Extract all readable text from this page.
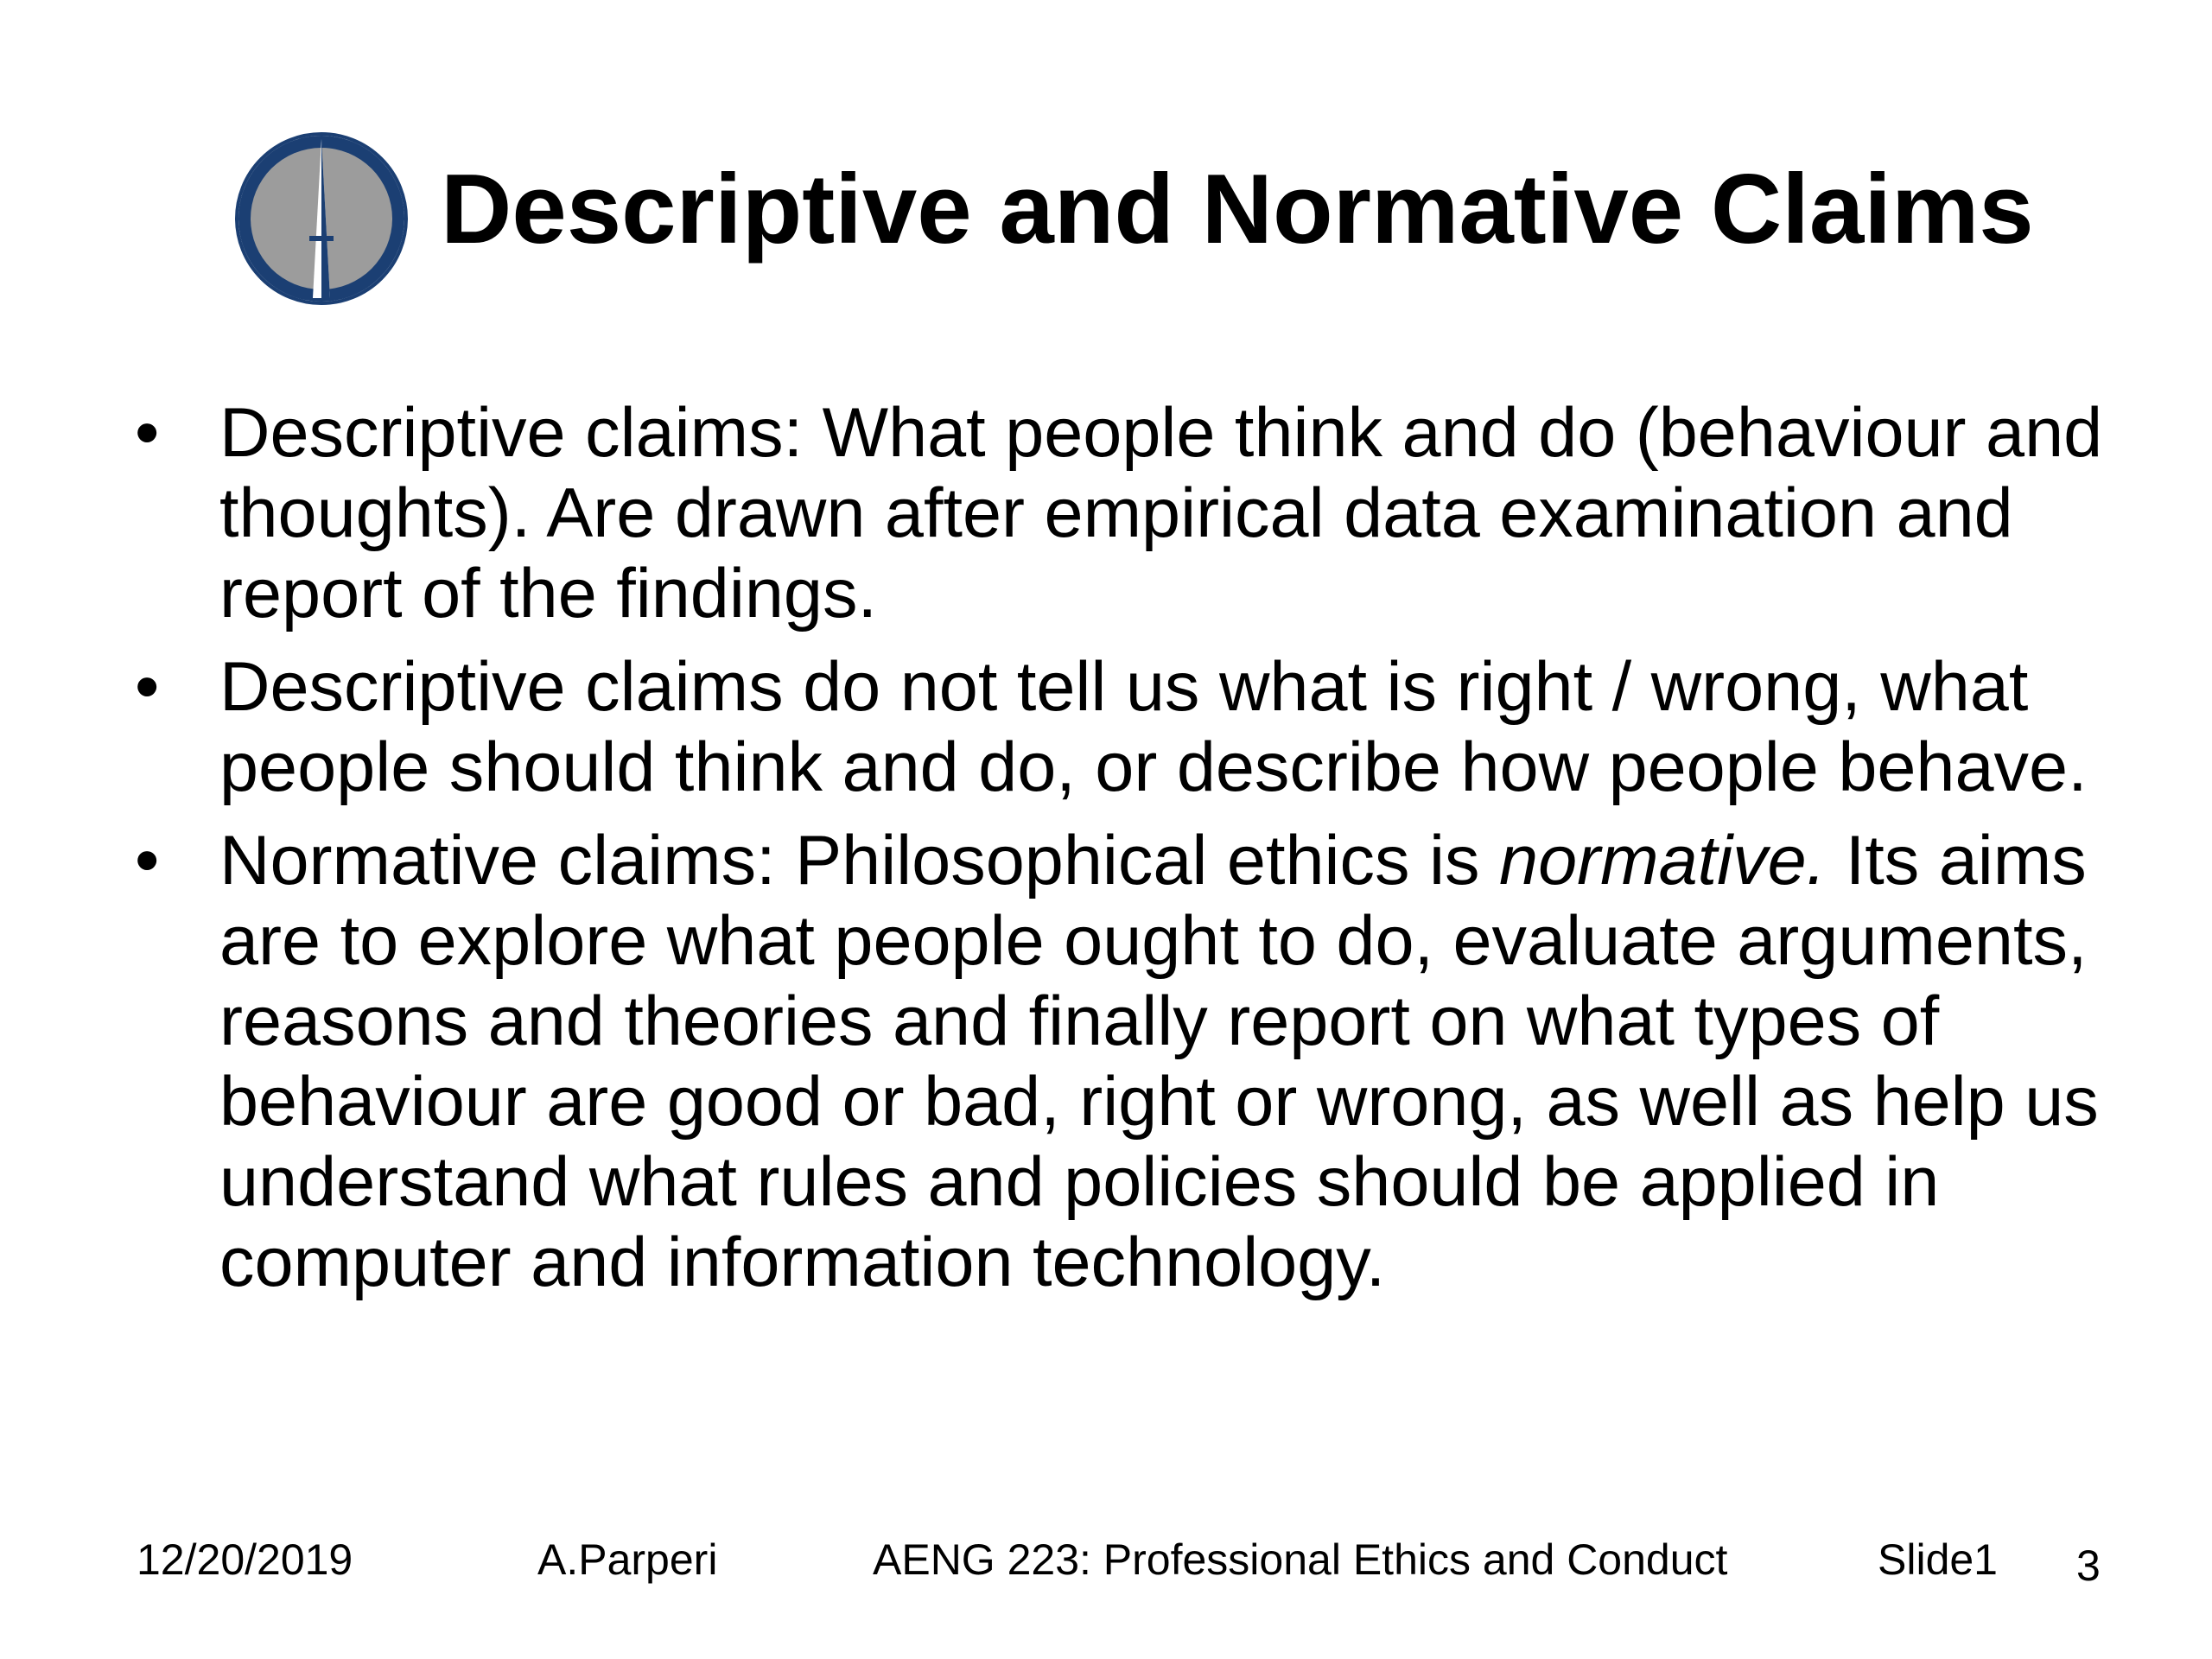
Descriptive and Normative Claims
• Descriptive claims: What people think and do (behaviour and thoughts). Are drawn after empirical data examination and report of the findings.
• Descriptive claims do not tell us what is right / wrong, what people should think and do, or describe how people behave.
• Normative claims: Philosophical ethics is normative. Its aims are to explore what people ought to do, evaluate arguments, reasons and theories and finally report on what types of behaviour are good or bad, right or wrong, as well as help us understand what rules and policies should be applied in computer and information technology.
12/20/2019	A.Parperi	AENG 223: Professional Ethics and Conduct	Slide1 3
